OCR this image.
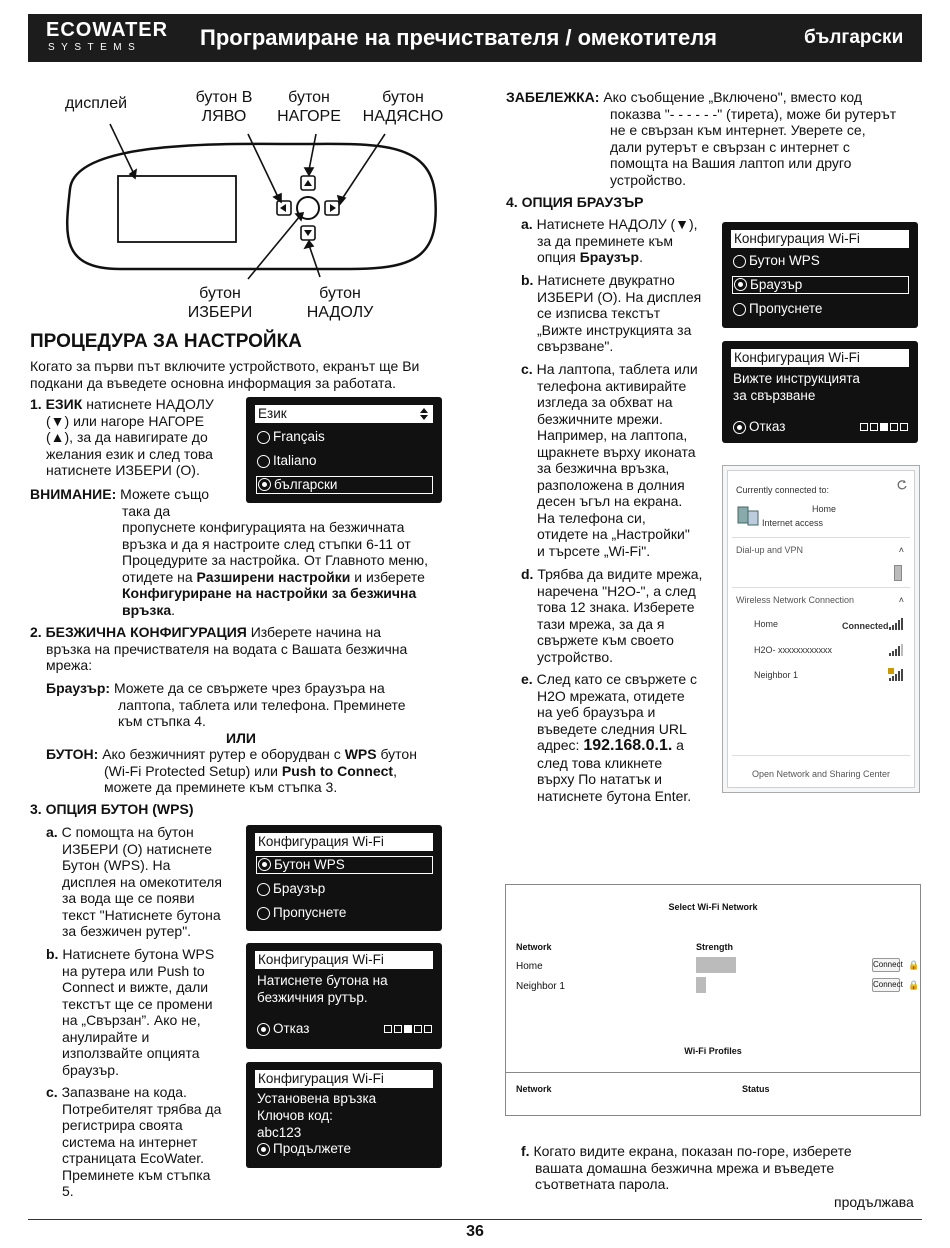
ECOWATER
SYSTEMS	Програмиране на пречиствателя / омекотителя	български
дисплей	бутон В
ЛЯВО
бутон
НАГОРЕ
бутон
НАДЯСНО
бутон
ИЗБЕРИ
бутон
НАДОЛУ
ПРОЦЕДУРА ЗА НАСТРОЙКА
Когато за първи път включите устройството, екранът ще Ви
подкани да въведете основна информация за работата.
1. ЕЗИК натиснете НАДОЛУ
(▼) или нагоре НАГОРЕ
(▲), за да навигирате до
желания език и след това
натиснете ИЗБЕРИ (O).
Език
Français
Italiano
български
ВНИМАНИЕ: Можете също
така да
пропуснете конфигурацията на безжичната
връзка и да я настроите след стъпки 6-11 от
Процедурите за настройка. От Главното меню,
отидете на Разширени настройки и изберете
Конфигуриране на настройки за безжична
връзка.
2. БЕЗЖИЧНА КОНФИГУРАЦИЯ Изберете начина на
връзка на пречиствателя на водата с Вашата безжична
мрежа:
Браузър: Можете да се свържете чрез браузъра на
лаптопа, таблета или телефона. Преминете
към стъпка 4.
ИЛИ
БУТОН: Ако безжичният рутер е оборудван с WPS бутон
(Wi-Fi Protected Setup) или Push to Connect,
можете да преминете към стъпка 3.
3. ОПЦИЯ БУТОН (WPS)
a. С помощта на бутон
ИЗБЕРИ (O) натиснете
Бутон (WPS). На
дисплея на омекотителя
за вода ще се появи
текст "Натиснете бутона
за безжичен рутер".
b. Натиснете бутона WPS
на рутера или Push to
Connect и вижте, дали
текстът ще се промени
на „Свързан”. Ако не,
анулирайте и
използвайте опцията
браузър.
c. Запазване на кода.
Потребителят трябва да
регистрира своята
система на интернет
страницата EcoWater.
Преминете към стъпка
5.
Конфигурация Wi-Fi
Бутон WPS
Браузър
Пропуснете
Конфигурация Wi-Fi
Натиснете бутона на
безжичния рутър.
Отказ
Конфигурация Wi-Fi
Установена връзка
Ключов код:
abc123
Продължете
ЗАБЕЛЕЖКА: Ако съобщение „Включено", вместо код
показва "- - - - - -" (тирета), може би рутерът
не е свързан към интернет. Уверете се,
дали рутерът е свързан с интернет с
помощта на Вашия лаптоп или друго
устройство.
4. ОПЦИЯ БРАУЗЪР
a. Натиснете НАДОЛУ (▼),
за да преминете към
опция Браузър.
b. Натиснете двукратно
ИЗБЕРИ (O). На дисплея
се изписва текстът
„Вижте инструкцията за
свързване".
c. На лаптопа, таблета или
телефона активирайте
изгледа за обхват на
безжичните мрежи.
Например, на лаптопа,
щракнете върху иконата
за безжична връзка,
разположена в долния
десен ъгъл на екрана.
На телефона си,
отидете на „Настройки"
и търсете „Wi-Fi".
d. Трябва да видите мрежа,
наречена "H2O-", а след
това 12 знака. Изберете
тази мрежа, за да я
свържете към своето
устройство.
e. След като се свържете с
H2O мрежата, отидете
на уеб браузъра и
въведете следния URL
адрес: 192.168.0.1. а
след това кликнете
върху По нататък и
натиснете бутона Enter.
Конфигурация Wi-Fi
Бутон WPS
Браузър
Пропуснете
Конфигурация Wi-Fi
Вижте инструкцията
за свързване
Отказ
Currently connected to:
Home
Internet access
Dial-up and VPN	˄
Wireless Network Connection	˄
Home	Connected
H2O- xxxxxxxxxxxx
Neighbor 1
Open Network and Sharing Center
Select Wi-Fi Network
Network	Strength
Home	Connect 🔒
Neighbor 1	Connect 🔒
Wi-Fi Profiles
Network	Status
f. Когато видите екрана, показан по-горе, изберете
вашата домашна безжична мрежа и въведете
съответната парола.
продължава
36
